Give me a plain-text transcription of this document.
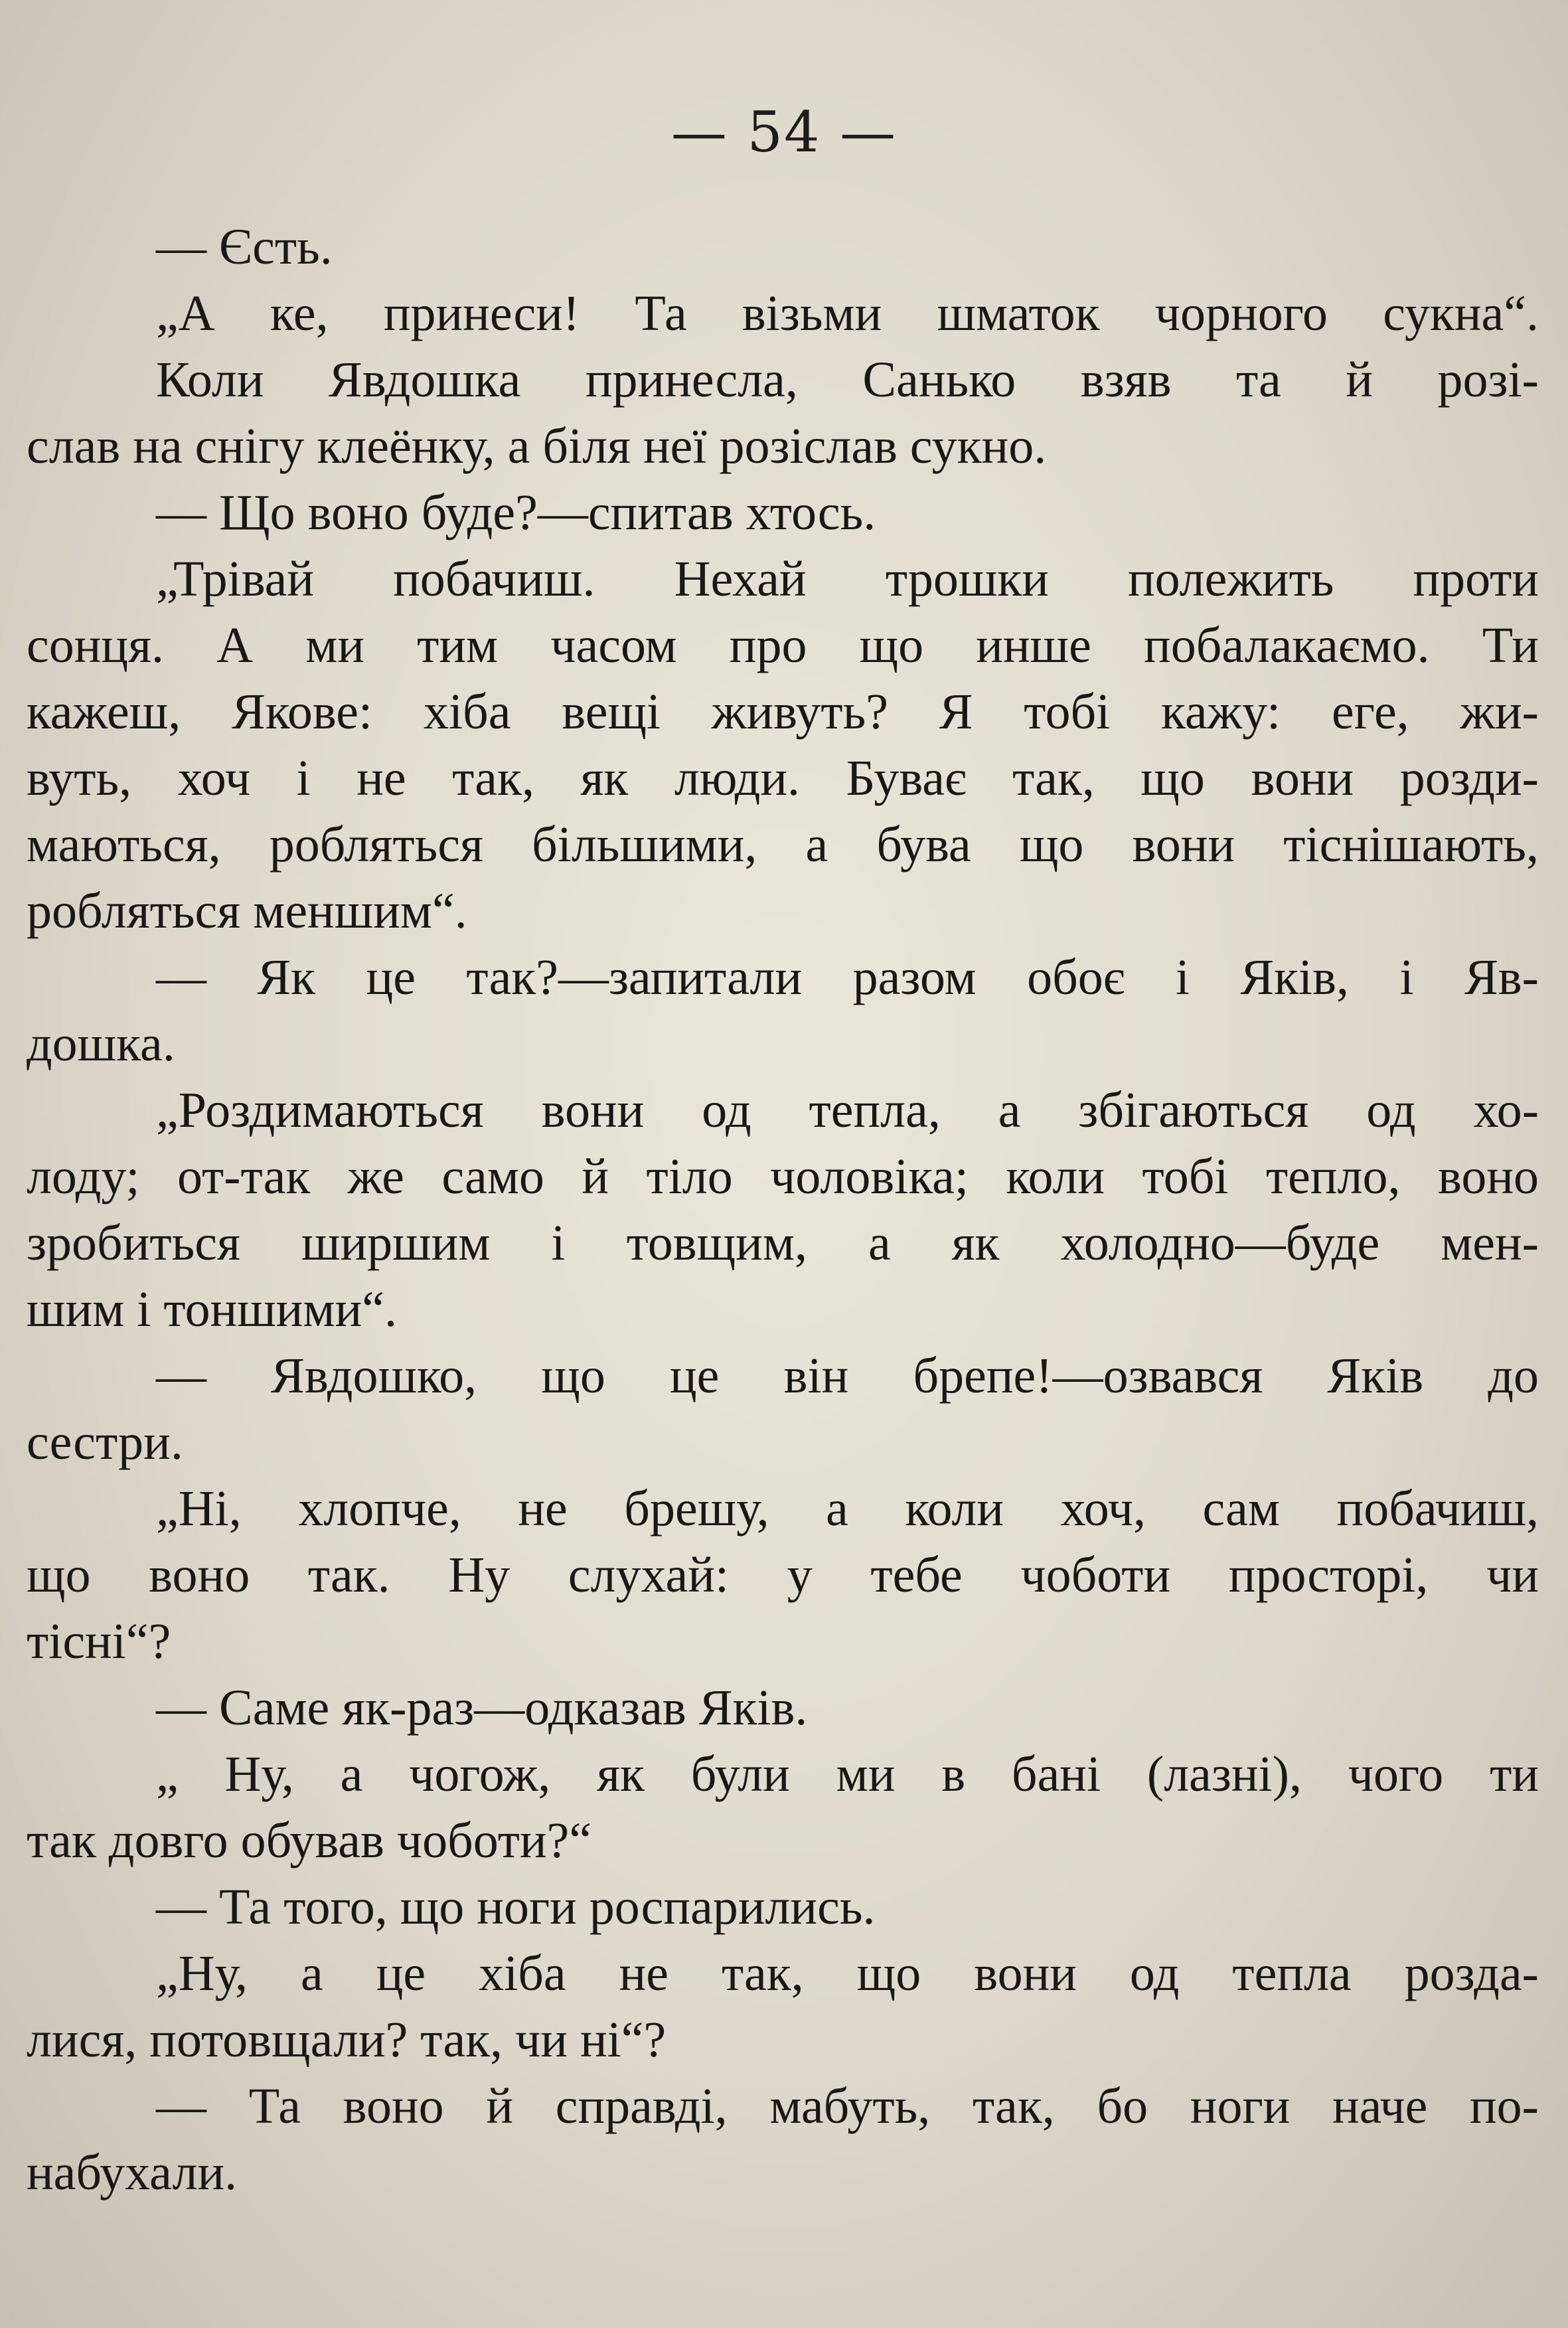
— 54 —
— Єсть.
„А ке, принеси! Та візьми шматок чорного сукна“.
Коли Явдошка принесла, Санько взяв та й розі-
слав на снігу клеёнку, а біля неї розіслав сукно.
— Що воно буде?—спитав хтось.
„Трівай побачиш. Нехай трошки полежить проти
сонця. А ми тим часом про що инше побалакаємо. Ти
кажеш, Якове: хіба вещі живуть? Я тобі кажу: еге, жи-
вуть, хоч і не так, як люди. Буває так, що вони розди-
маються, робляться більшими, а бува що вони тіснішають,
робляться меншим“.
— Як це так?—запитали разом обоє і Яків, і Яв-
дошка.
„Роздимаються вони од тепла, а збігаються од хо-
лоду; от-так же само й тіло чоловіка; коли тобі тепло, воно
зробиться ширшим і товщим, а як холодно—буде мен-
шим і тоншими“.
— Явдошко, що це він брепе!—озвався Яків до
сестри.
„Ні, хлопче, не брешу, а коли хоч, сам побачиш,
що воно так. Ну слухай: у тебе чоботи просторі, чи
тісні“?
— Саме як-раз—одказав Яків.
„ Ну, а чогож, як були ми в бані (лазні), чого ти
так довго обував чоботи?“
— Та того, що ноги роспарились.
„Ну, а це хіба не так, що вони од тепла розда-
лися, потовщали? так, чи ні“?
— Та воно й справді, мабуть, так, бо ноги наче по-
набухали.
